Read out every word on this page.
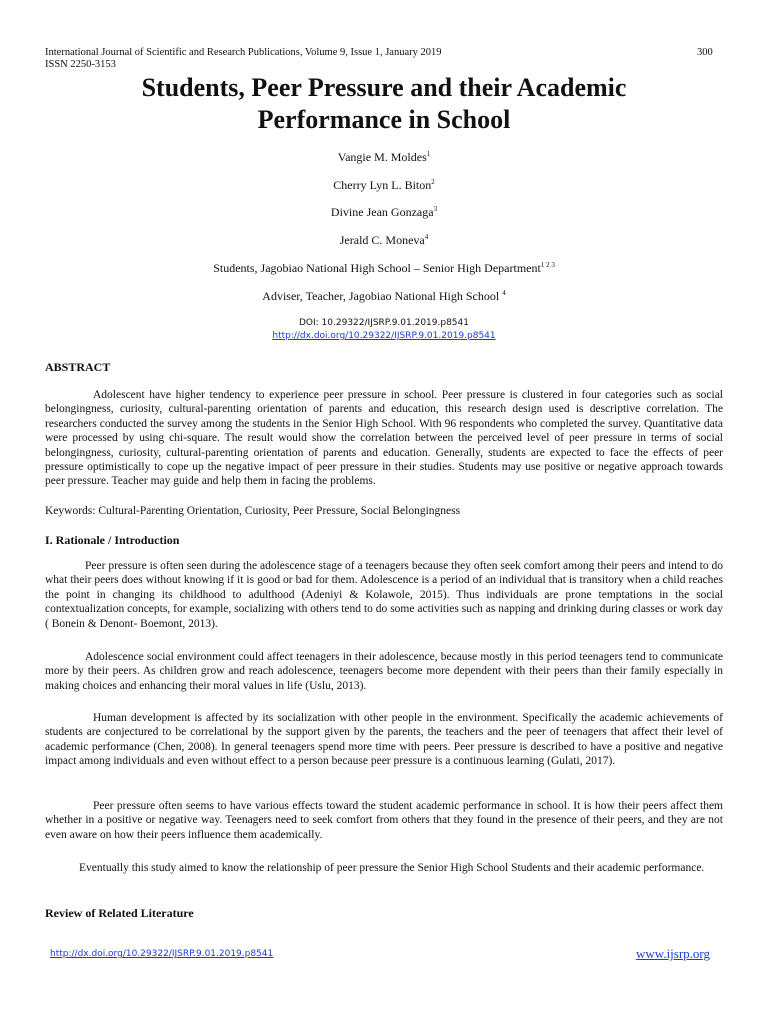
International Journal of Scientific and Research Publications, Volume 9, Issue 1, January 2019
ISSN 2250-3153
300
Students, Peer Pressure and their Academic
Performance in School
Vangie M. Moldes$^1$
Cherry Lyn L. Biton$^2$
Divine Jean Gonzaga$^3$
Jerald C. Moneva$^4$
Students, Jagobiao National High School – Senior High Department$^{1 2 3}$
Adviser, Teacher, Jagobiao National High School $^4$
DOI: 10.29322/IJSRP.9.01.2019.p8541
http://dx.doi.org/10.29322/IJSRP.9.01.2019.p8541
ABSTRACT

Adolescent have higher tendency to experience peer pressure in school. Peer pressure is clustered in four categories such as social belongingness, curiosity, cultural-parenting orientation of parents and education, this research design used is descriptive correlation. The researchers conducted the survey among the students in the Senior High School. With 96 respondents who completed the survey. Quantitative data were processed by using chi-square. The result would show the correlation between the perceived level of peer pressure in terms of social belongingness, curiosity, cultural-parenting orientation of parents and education. Generally, students are expected to face the effects of peer pressure optimistically to cope up the negative impact of peer pressure in their studies. Students may use positive or negative approach towards peer pressure. Teacher may guide and help them in facing the problems.

Keywords: Cultural-Parenting Orientation, Curiosity, Peer Pressure, Social Belongingness
I. Rationale / Introduction

Peer pressure is often seen during the adolescence stage of a teenagers because they often seek comfort among their peers and intend to do what their peers does without knowing if it is good or bad for them. Adolescence is a period of an individual that is transitory when a child reaches the point in changing its childhood to adulthood (Adeniyi & Kolawole, 2015). Thus individuals are prone temptations in the social contextualization concepts, for example, socializing with others tend to do some activities such as napping and drinking during classes or work day ( Bonein & Denont- Boemont, 2013).

Adolescence social environment could affect teenagers in their adolescence, because mostly in this period teenagers tend to communicate more by their peers. As children grow and reach adolescence, teenagers become more dependent with their peers than their family especially in making choices and enhancing their moral values in life (Uslu, 2013).

Human development is affected by its socialization with other people in the environment. Specifically the academic achievements of students are conjectured to be correlational by the support given by the parents, the teachers and the peer of teenagers that affect their level of academic performance (Chen, 2008). In general teenagers spend more time with peers. Peer pressure is described to have a positive and negative impact among individuals and even without effect to a person because peer pressure is a continuous learning (Gulati, 2017).

Peer pressure often seems to have various effects toward the student academic performance in school. It is how their peers affect them whether in a positive or negative way. Teenagers need to seek comfort from others that they found in the presence of their peers, and they are not even aware on how their peers influence them academically.

Eventually this study aimed to know the relationship of peer pressure the Senior High School Students and their academic performance.

Review of Related Literature
http://dx.doi.org/10.29322/IJSRP.9.01.2019.p8541	www.ijsrp.org
